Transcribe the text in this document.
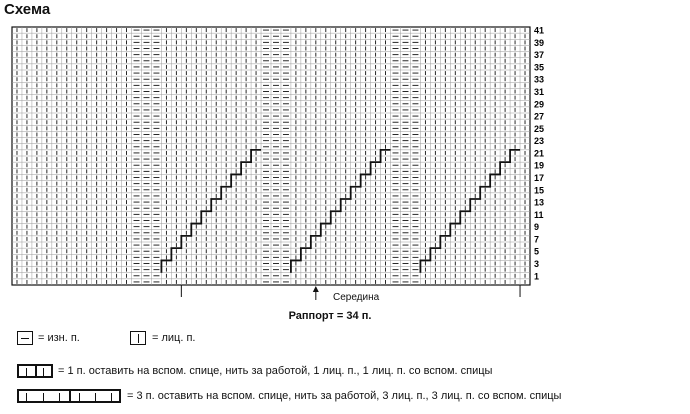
Схема
41
39
37
35
33
31
29
27
25
23
21
19
17
15
13
11
9
7
5
3
1
Середина
Раппорт = 34 п.
= изн. п.	= лиц. п.
= 1 п. оставить на вспом. спице, нить за работой, 1 лиц. п., 1 лиц. п. со вспом. спицы
= 3 п. оставить на вспом. спице, нить за работой, 3 лиц. п., 3 лиц. п. со вспом. спицы
